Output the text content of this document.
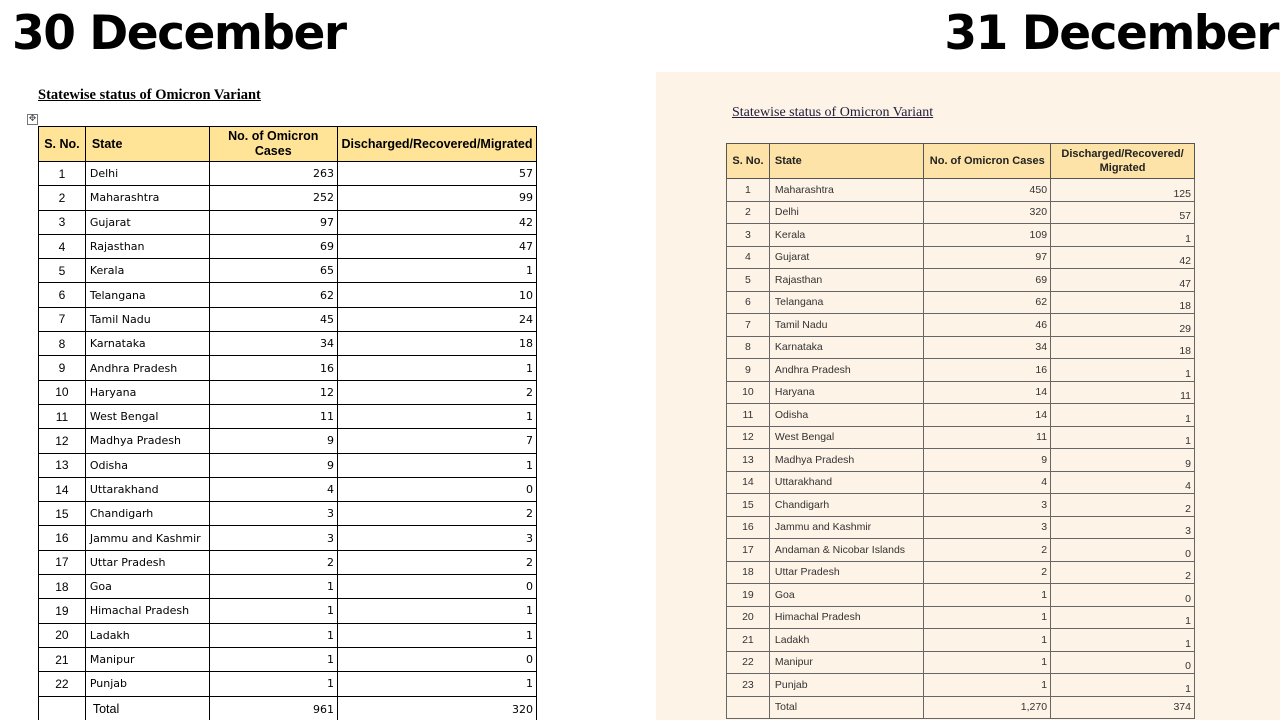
30 December	31 December
Statewise status of Omicron Variant
✥
S. No.	State	No. of Omicron Cases	Discharged/Recovered/Migrated
1	Delhi	263	57
2	Maharashtra	252	99
3	Gujarat	97	42
4	Rajasthan	69	47
5	Kerala	65	1
6	Telangana	62	10
7	Tamil Nadu	45	24
8	Karnataka	34	18
9	Andhra Pradesh	16	1
10	Haryana	12	2
11	West Bengal	11	1
12	Madhya Pradesh	9	7
13	Odisha	9	1
14	Uttarakhand	4	0
15	Chandigarh	3	2
16	Jammu and Kashmir	3	3
17	Uttar Pradesh	2	2
18	Goa	1	0
19	Himachal Pradesh	1	1
20	Ladakh	1	1
21	Manipur	1	0
22	Punjab	1	1
	Total	961	320
Statewise status of Omicron Variant
S. No.	State	No. of Omicron Cases	Discharged/Recovered/ Migrated
1	Maharashtra	450	125
2	Delhi	320	57
3	Kerala	109	1
4	Gujarat	97	42
5	Rajasthan	69	47
6	Telangana	62	18
7	Tamil Nadu	46	29
8	Karnataka	34	18
9	Andhra Pradesh	16	1
10	Haryana	14	11
11	Odisha	14	1
12	West Bengal	11	1
13	Madhya Pradesh	9	9
14	Uttarakhand	4	4
15	Chandigarh	3	2
16	Jammu and Kashmir	3	3
17	Andaman & Nicobar Islands	2	0
18	Uttar Pradesh	2	2
19	Goa	1	0
20	Himachal Pradesh	1	1
21	Ladakh	1	1
22	Manipur	1	0
23	Punjab	1	1
	Total	1,270	374
